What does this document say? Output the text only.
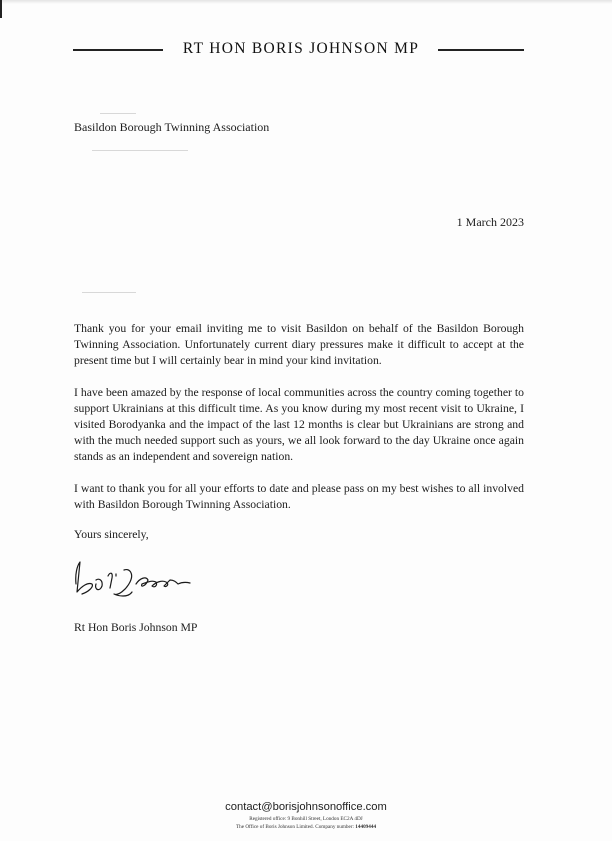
RT HON BORIS JOHNSON MP
Basildon Borough Twinning Association
1 March 2023

Thank you for your email inviting me to visit Basildon on behalf of the Basildon Borough Twinning Association. Unfortunately current diary pressures make it difficult to accept at the present time but I will certainly bear in mind your kind invitation.

I have been amazed by the response of local communities across the country coming together to support Ukrainians at this difficult time. As you know during my most recent visit to Ukraine, I visited Borodyanka and the impact of the last 12 months is clear but Ukrainians are strong and with the much needed support such as yours, we all look forward to the day Ukraine once again stands as an independent and sovereign nation.

I want to thank you for all your efforts to date and please pass on my best wishes to all involved with Basildon Borough Twinning Association.

Yours sincerely,
Rt Hon Boris Johnson MP
contact@borisjohnsonoffice.com
Registered office: 9 Bonhill Street, London EC2A 4DJ
The Office of Boris Johnson Limited. Company number: 14409444
